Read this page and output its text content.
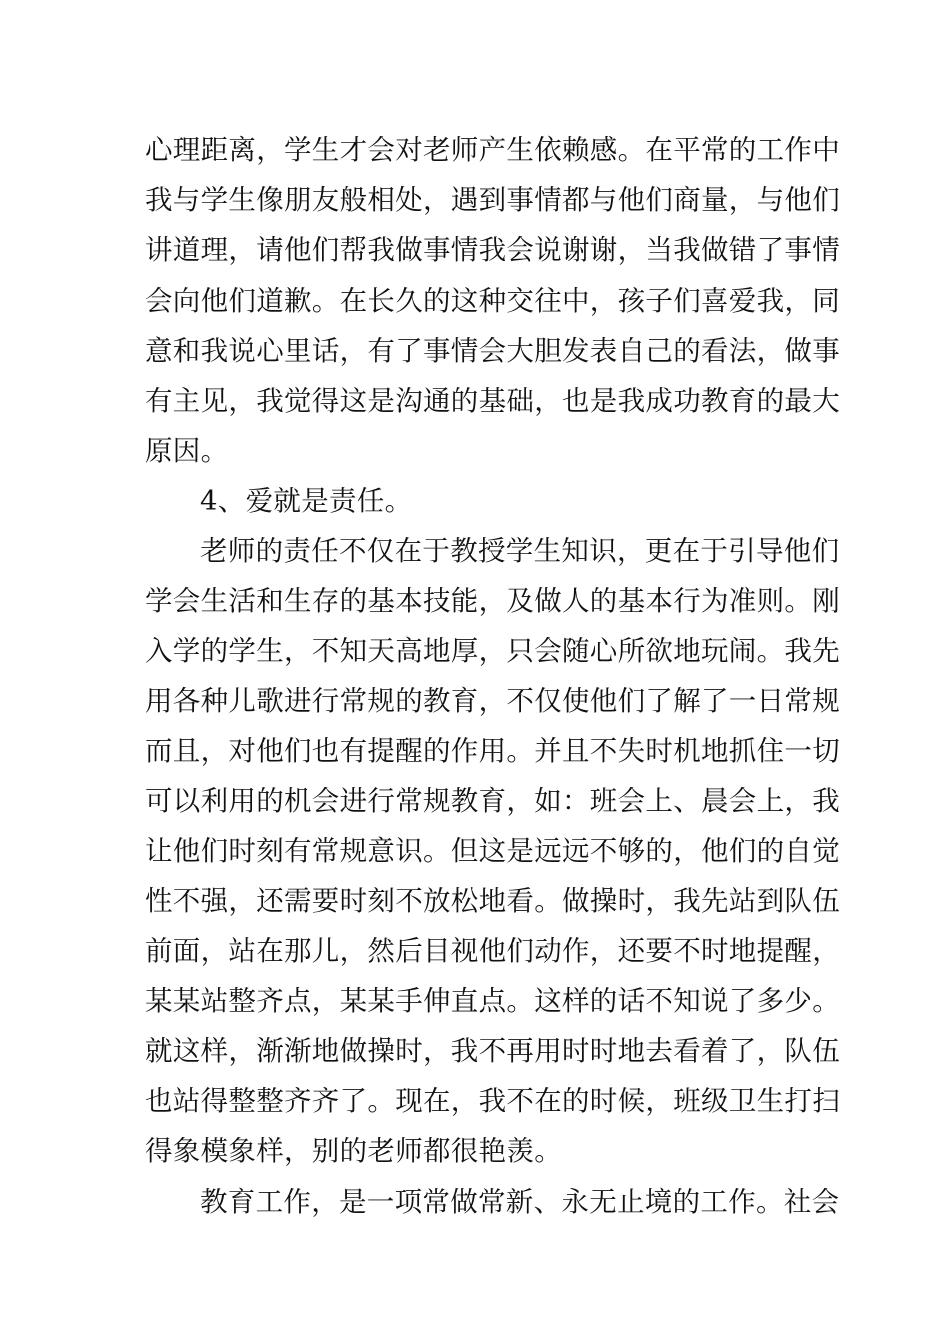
心理距离，学生才会对老师产生依赖感。在平常的工作中
我与学生像朋友般相处，遇到事情都与他们商量，与他们
讲道理，请他们帮我做事情我会说谢谢，当我做错了事情
会向他们道歉。在长久的这种交往中，孩子们喜爱我，同
意和我说心里话，有了事情会大胆发表自己的看法，做事
有主见，我觉得这是沟通的基础，也是我成功教育的最大
原因。
4、爱就是责任。
老师的责任不仅在于教授学生知识，更在于引导他们
学会生活和生存的基本技能，及做人的基本行为准则。刚
入学的学生，不知天高地厚，只会随心所欲地玩闹。我先
用各种儿歌进行常规的教育，不仅使他们了解了一日常规
而且，对他们也有提醒的作用。并且不失时机地抓住一切
可以利用的机会进行常规教育，如：班会上、晨会上，我
让他们时刻有常规意识。但这是远远不够的，他们的自觉
性不强，还需要时刻不放松地看。做操时，我先站到队伍
前面，站在那儿，然后目视他们动作，还要不时地提醒，
某某站整齐点，某某手伸直点。这样的话不知说了多少。
就这样，渐渐地做操时，我不再用时时地去看着了，队伍
也站得整整齐齐了。现在，我不在的时候，班级卫生打扫
得象模象样，别的老师都很艳羡。
教育工作，是一项常做常新、永无止境的工作。社会
